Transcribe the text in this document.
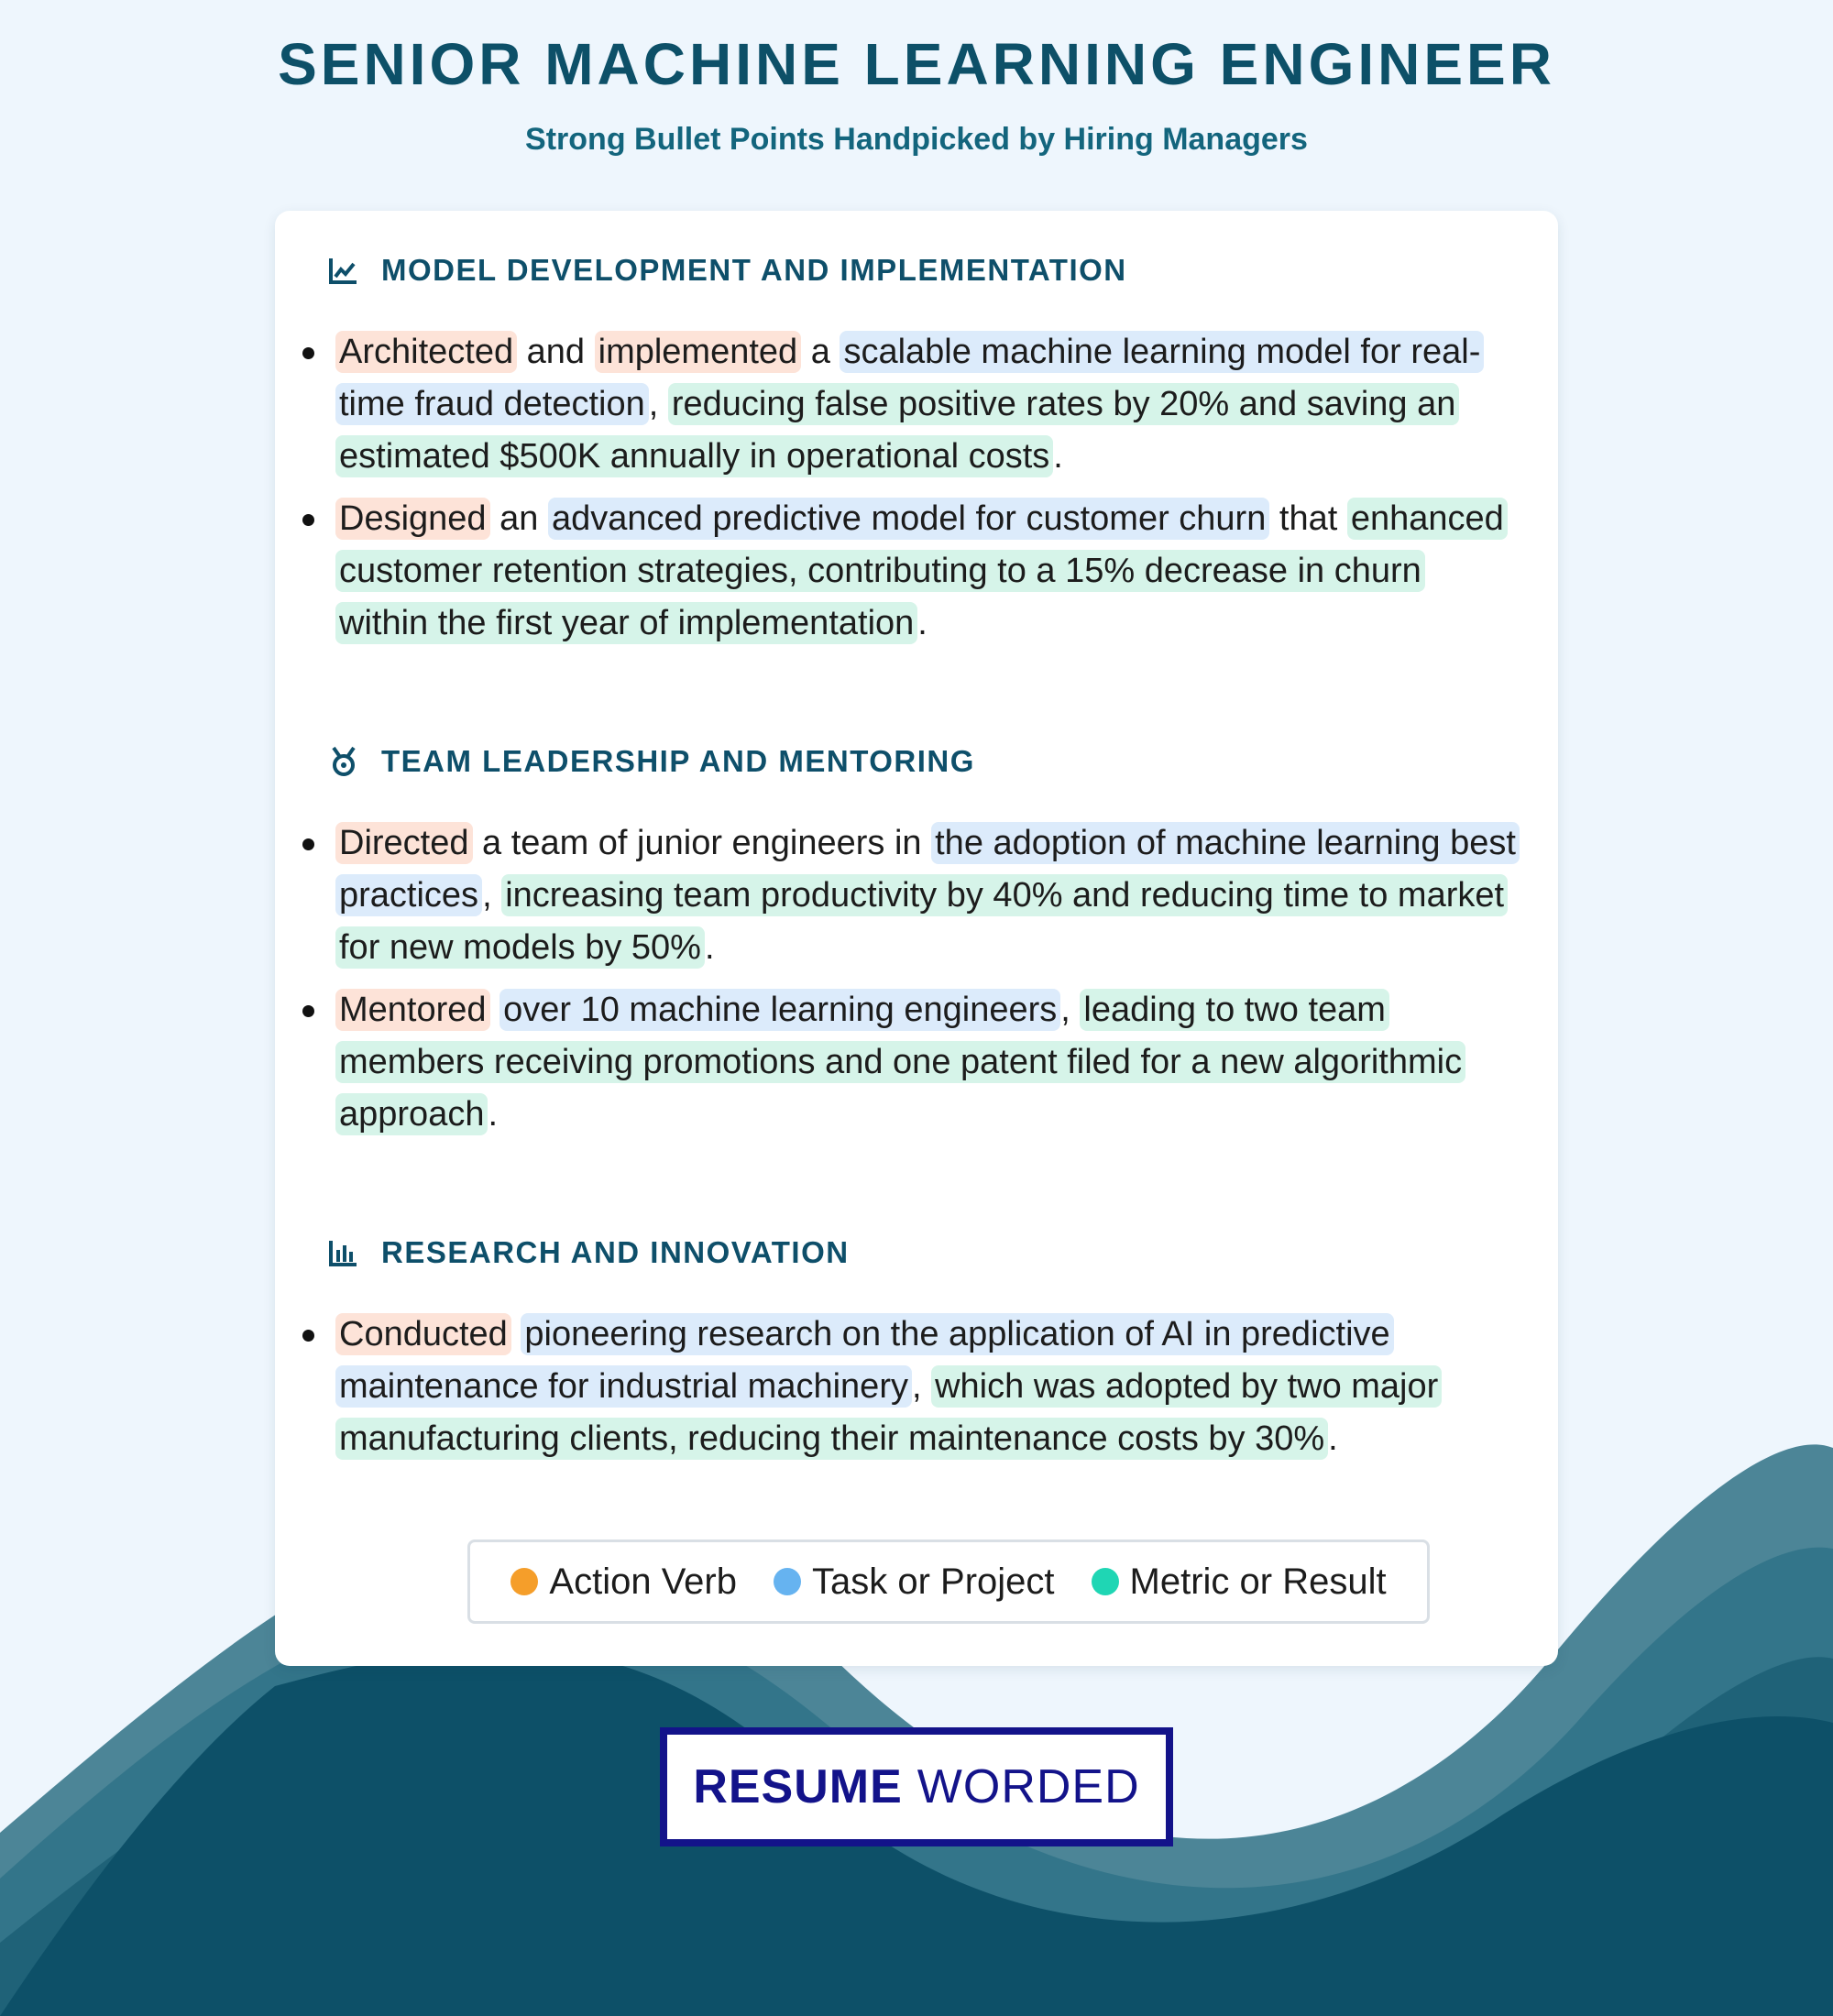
SENIOR MACHINE LEARNING ENGINEER
Strong Bullet Points Handpicked by Hiring Managers
MODEL DEVELOPMENT AND IMPLEMENTATION
Architected and implemented a scalable machine learning model for real-time fraud detection , reducing false positive rates by 20% and saving an estimated $500K annually in operational costs .
Designed an advanced predictive model for customer churn that enhanced customer retention strategies, contributing to a 15% decrease in churn within the first year of implementation .
TEAM LEADERSHIP AND MENTORING
Directed a team of junior engineers in the adoption of machine learning best practices , increasing team productivity by 40% and reducing time to market for new models by 50% .
Mentored over 10 machine learning engineers , leading to two team members receiving promotions and one patent filed for a new algorithmic approach .
RESEARCH AND INNOVATION
Conducted pioneering research on the application of AI in predictive maintenance for industrial machinery , which was adopted by two major manufacturing clients, reducing their maintenance costs by 30% .
Action Verb Task or Project Metric or Result
RESUME WORDED
